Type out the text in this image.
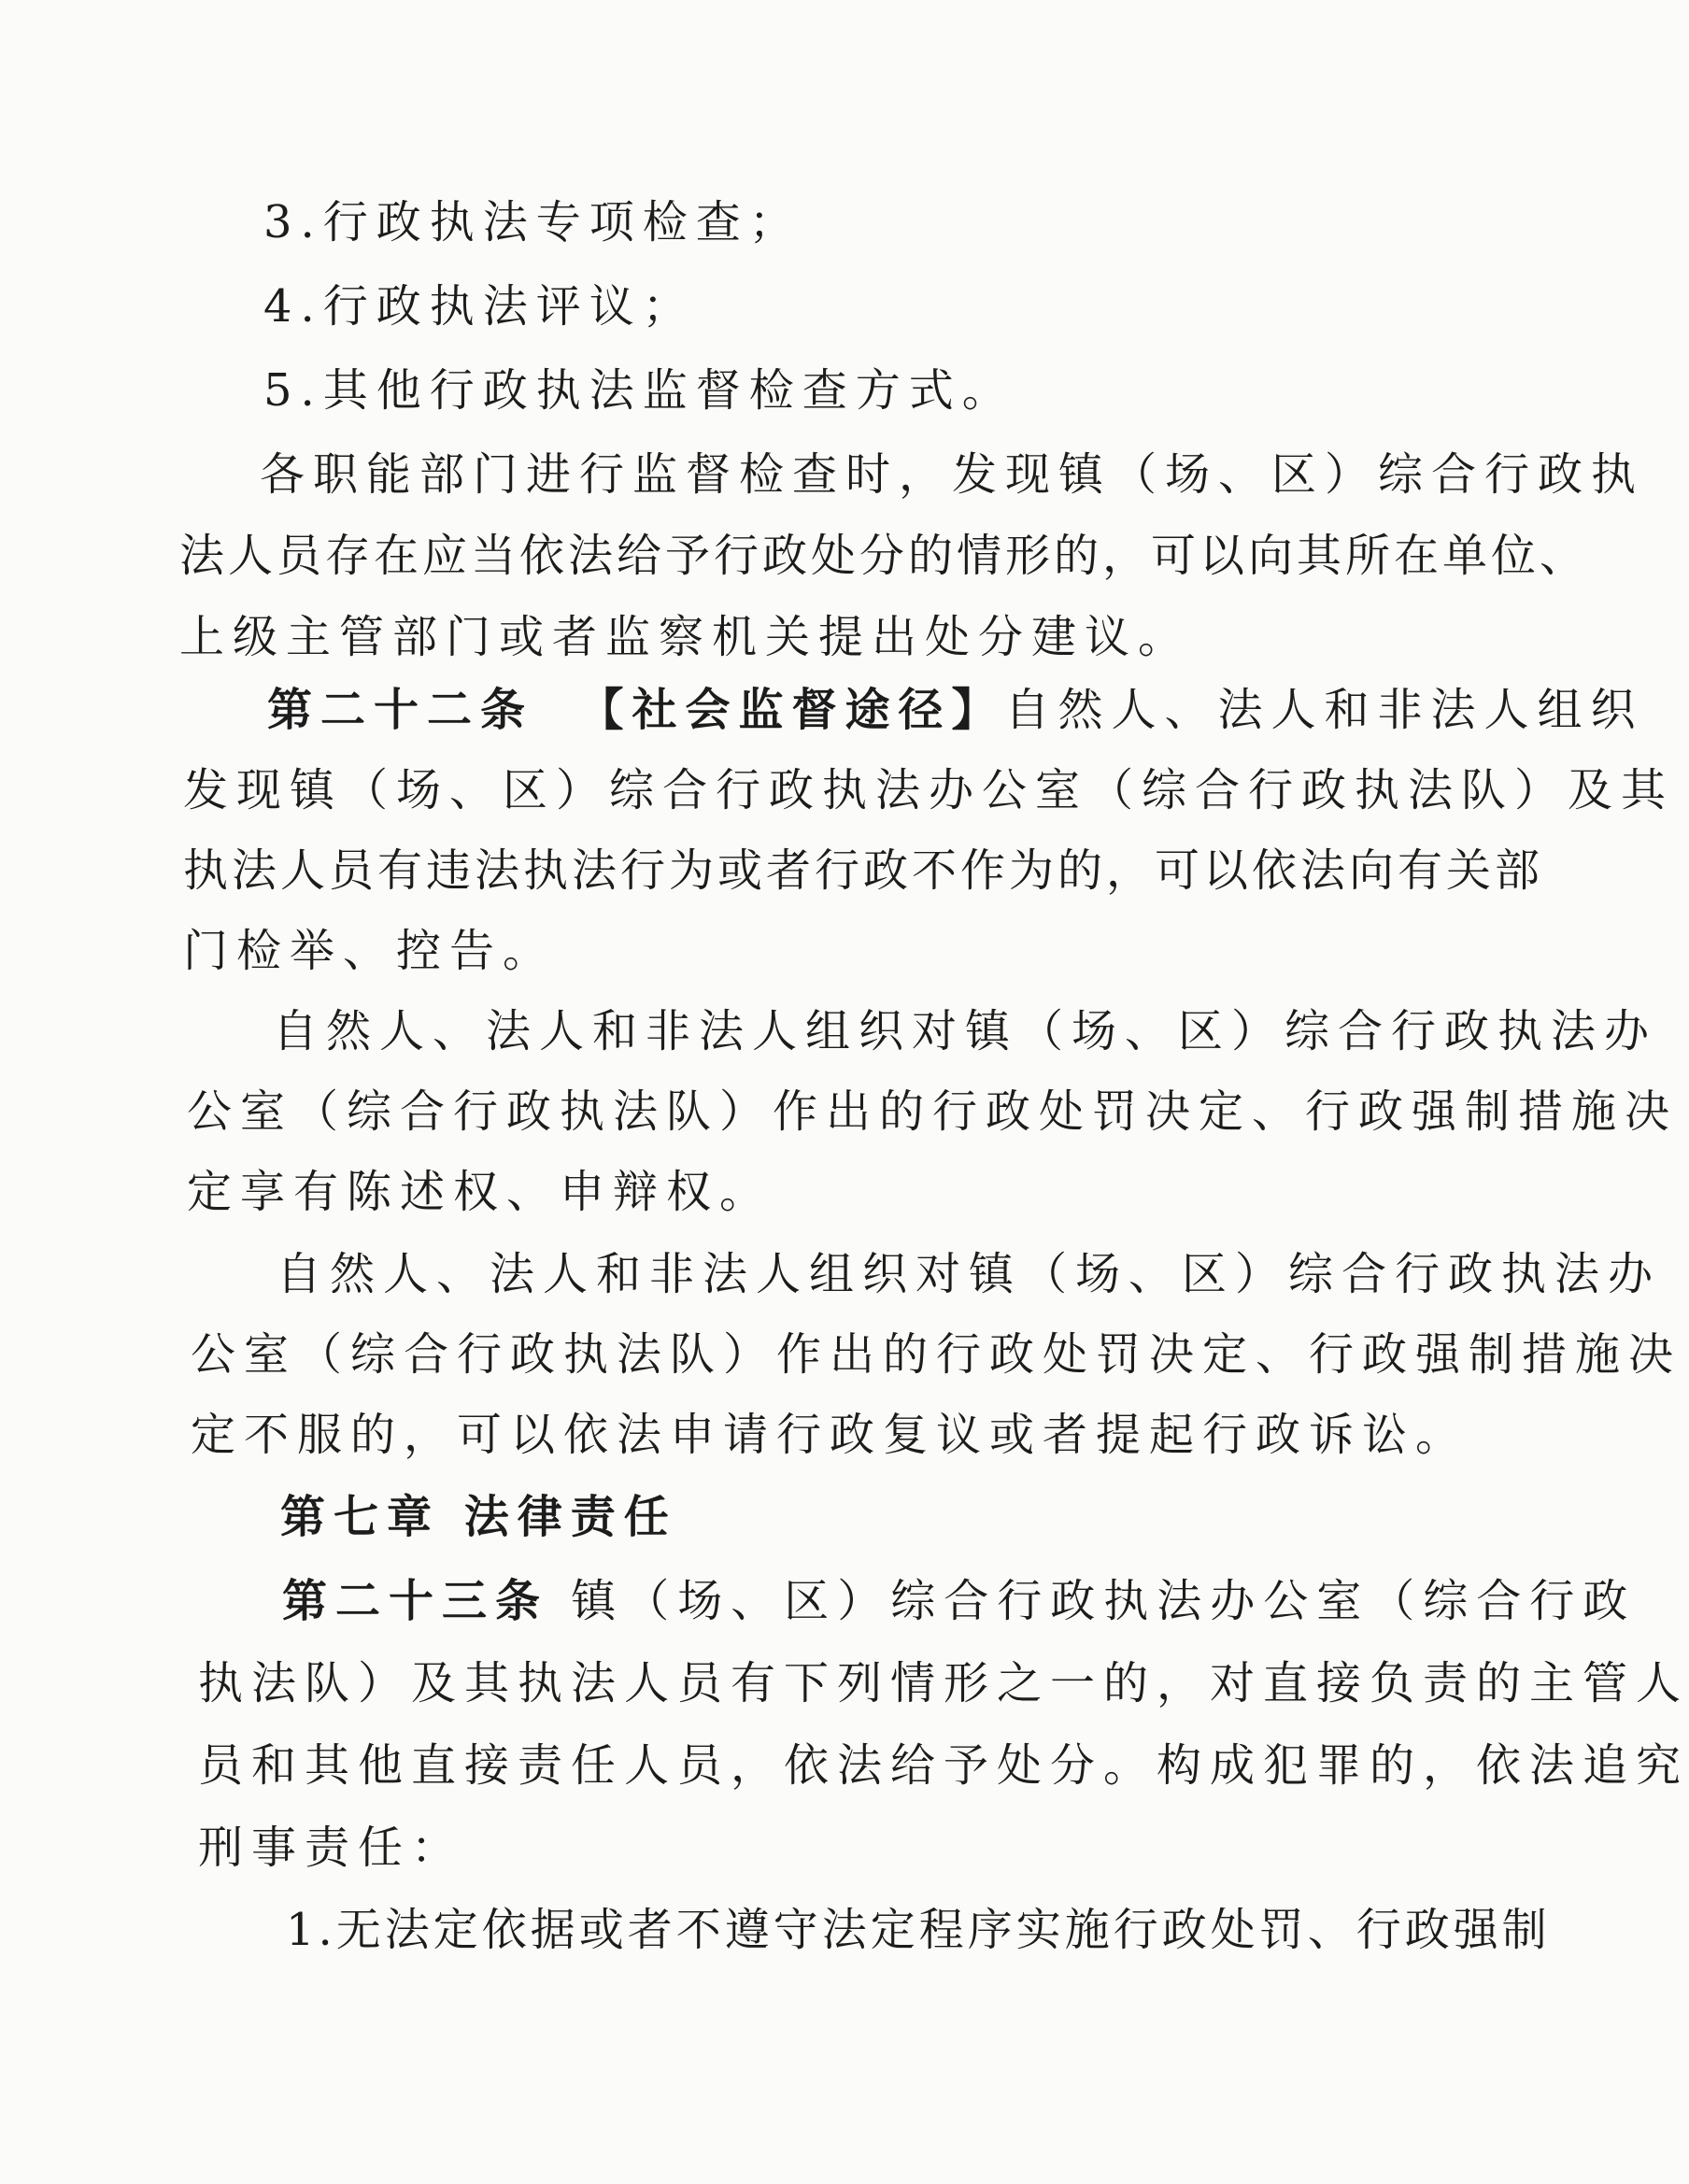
3.行政执法专项检查；
4.行政执法评议；
5.其他行政执法监督检查方式。
各职能部门进行监督检查时，发现镇（场、区）综合行政执
法人员存在应当依法给予行政处分的情形的，可以向其所在单位、
上级主管部门或者监察机关提出处分建议。
第二十二条 【社会监督途径】自然人、法人和非法人组织
发现镇（场、区）综合行政执法办公室（综合行政执法队）及其
执法人员有违法执法行为或者行政不作为的，可以依法向有关部
门检举、控告。
自然人、法人和非法人组织对镇（场、区）综合行政执法办
公室（综合行政执法队）作出的行政处罚决定、行政强制措施决
定享有陈述权、申辩权。
自然人、法人和非法人组织对镇（场、区）综合行政执法办
公室（综合行政执法队）作出的行政处罚决定、行政强制措施决
定不服的，可以依法申请行政复议或者提起行政诉讼。
第七章 法律责任
第二十三条 镇（场、区）综合行政执法办公室（综合行政
执法队）及其执法人员有下列情形之一的，对直接负责的主管人
员和其他直接责任人员，依法给予处分。构成犯罪的，依法追究
刑事责任：
1.无法定依据或者不遵守法定程序实施行政处罚、行政强制
